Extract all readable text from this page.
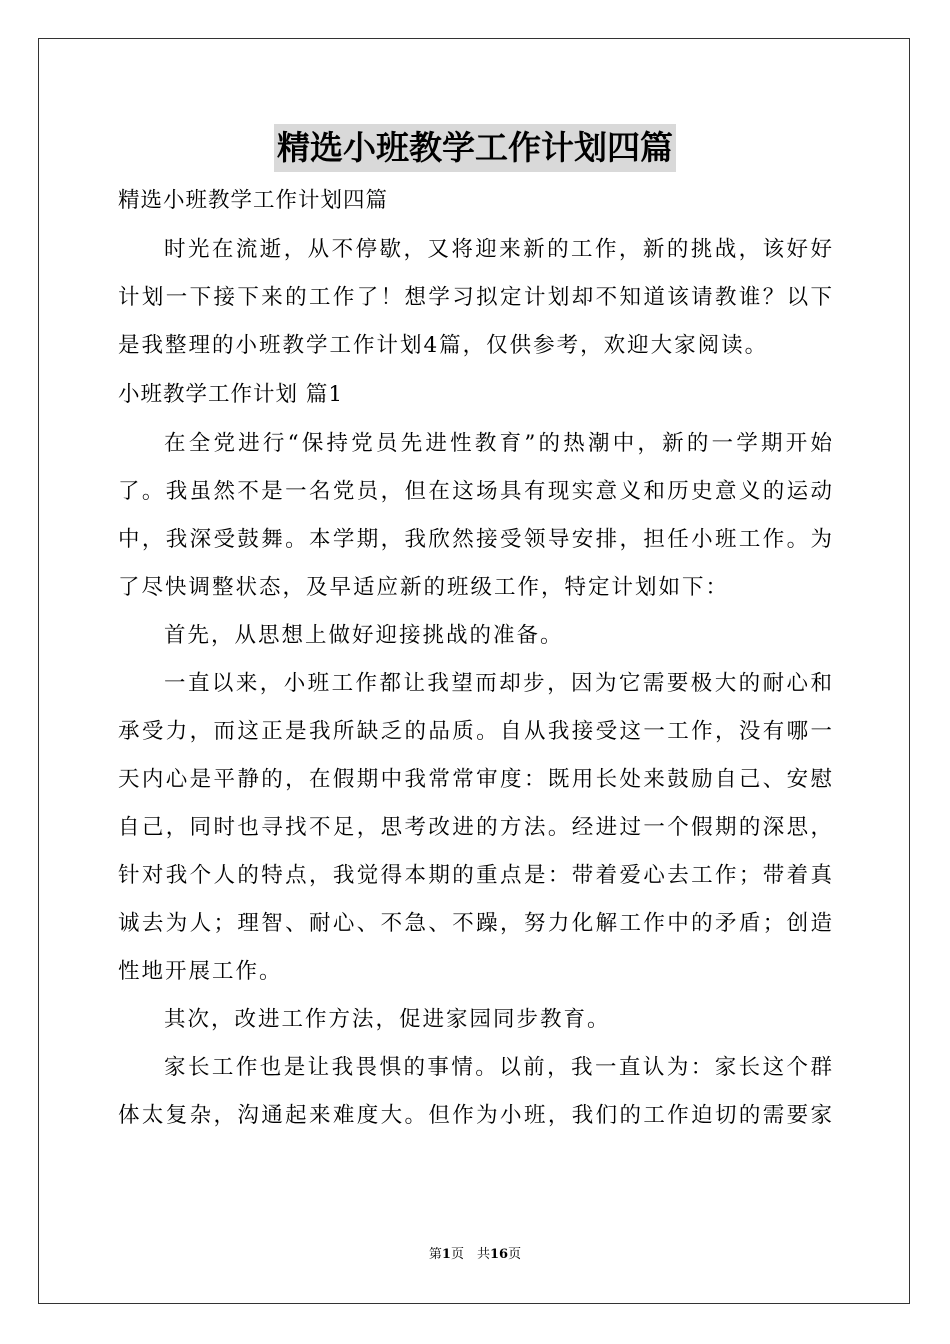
精选小班教学工作计划四篇
精选小班教学工作计划四篇
时光在流逝，从不停歇，又将迎来新的工作，新的挑战，该好好
计划一下接下来的工作了！想学习拟定计划却不知道该请教谁？以下
是我整理的小班教学工作计划4篇，仅供参考，欢迎大家阅读。
小班教学工作计划 篇1
在全党进行“保持党员先进性教育”的热潮中，新的一学期开始
了。我虽然不是一名党员，但在这场具有现实意义和历史意义的运动
中，我深受鼓舞。本学期，我欣然接受领导安排，担任小班工作。为
了尽快调整状态，及早适应新的班级工作，特定计划如下：
首先，从思想上做好迎接挑战的准备。
一直以来，小班工作都让我望而却步，因为它需要极大的耐心和
承受力，而这正是我所缺乏的品质。自从我接受这一工作，没有哪一
天内心是平静的，在假期中我常常审度：既用长处来鼓励自己、安慰
自己，同时也寻找不足，思考改进的方法。经进过一个假期的深思，
针对我个人的特点，我觉得本期的重点是：带着爱心去工作；带着真
诚去为人；理智、耐心、不急、不躁，努力化解工作中的矛盾；创造
性地开展工作。
其次，改进工作方法，促进家园同步教育。
家长工作也是让我畏惧的事情。以前，我一直认为：家长这个群
体太复杂，沟通起来难度大。但作为小班，我们的工作迫切的需要家
第1页　共16页
